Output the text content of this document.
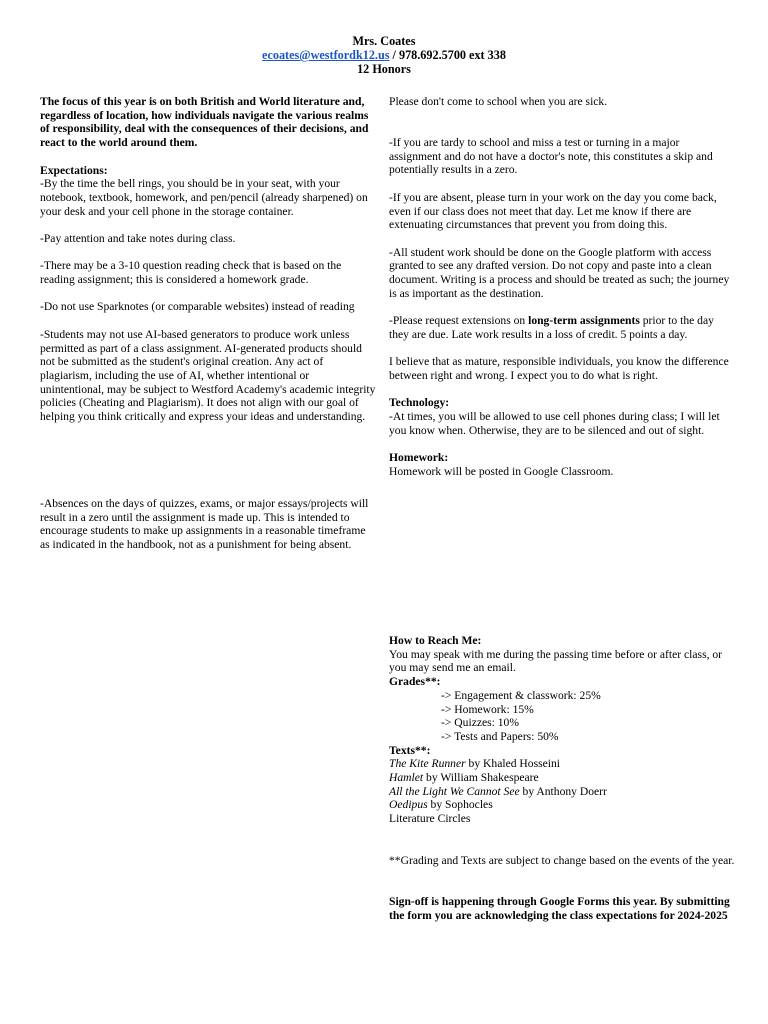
Mrs. Coates
ecoates@westfordk12.us / 978.692.5700 ext 338
12 Honors
The focus of this year is on both British and World literature and, regardless of location, how individuals navigate the various realms of responsibility, deal with the consequences of their decisions, and react to the world around them.
Expectations:
-By the time the bell rings, you should be in your seat, with your notebook, textbook, homework, and pen/pencil (already sharpened) on your desk and your cell phone in the storage container.
-Pay attention and take notes during class.
-There may be a 3-10 question reading check that is based on the reading assignment; this is considered a homework grade.
-Do not use Sparknotes (or comparable websites) instead of reading
-Students may not use AI-based generators to produce work unless permitted as part of a class assignment. AI-generated products should not be submitted as the student's original creation. Any act of plagiarism, including the use of AI, whether intentional or unintentional, may be subject to Westford Academy's academic integrity policies (Cheating and Plagiarism). It does not align with our goal of helping you think critically and express your ideas and understanding.
-Absences on the days of quizzes, exams, or major essays/projects will result in a zero until the assignment is made up. This is intended to encourage students to make up assignments in a reasonable timeframe as indicated in the handbook, not as a punishment for being absent.
Please don't come to school when you are sick.
-If you are tardy to school and miss a test or turning in a major assignment and do not have a doctor's note, this constitutes a skip and potentially results in a zero.
-If you are absent, please turn in your work on the day you come back, even if our class does not meet that day. Let me know if there are extenuating circumstances that prevent you from doing this.
-All student work should be done on the Google platform with access granted to see any drafted version. Do not copy and paste into a clean document. Writing is a process and should be treated as such; the journey is as important as the destination.
-Please request extensions on long-term assignments prior to the day they are due. Late work results in a loss of credit. 5 points a day.
I believe that as mature, responsible individuals, you know the difference between right and wrong. I expect you to do what is right.
Technology:
-At times, you will be allowed to use cell phones during class; I will let you know when. Otherwise, they are to be silenced and out of sight.
Homework:
Homework will be posted in Google Classroom.
How to Reach Me:
You may speak with me during the passing time before or after class, or you may send me an email.
Grades**:
-> Engagement & classwork: 25%
-> Homework: 15%
-> Quizzes: 10%
-> Tests and Papers: 50%
Texts**:
The Kite Runner by Khaled Hosseini
Hamlet by William Shakespeare
All the Light We Cannot See by Anthony Doerr
Oedipus by Sophocles
Literature Circles
**Grading and Texts are subject to change based on the events of the year.
Sign-off is happening through Google Forms this year. By submitting the form you are acknowledging the class expectations for 2024-2025
